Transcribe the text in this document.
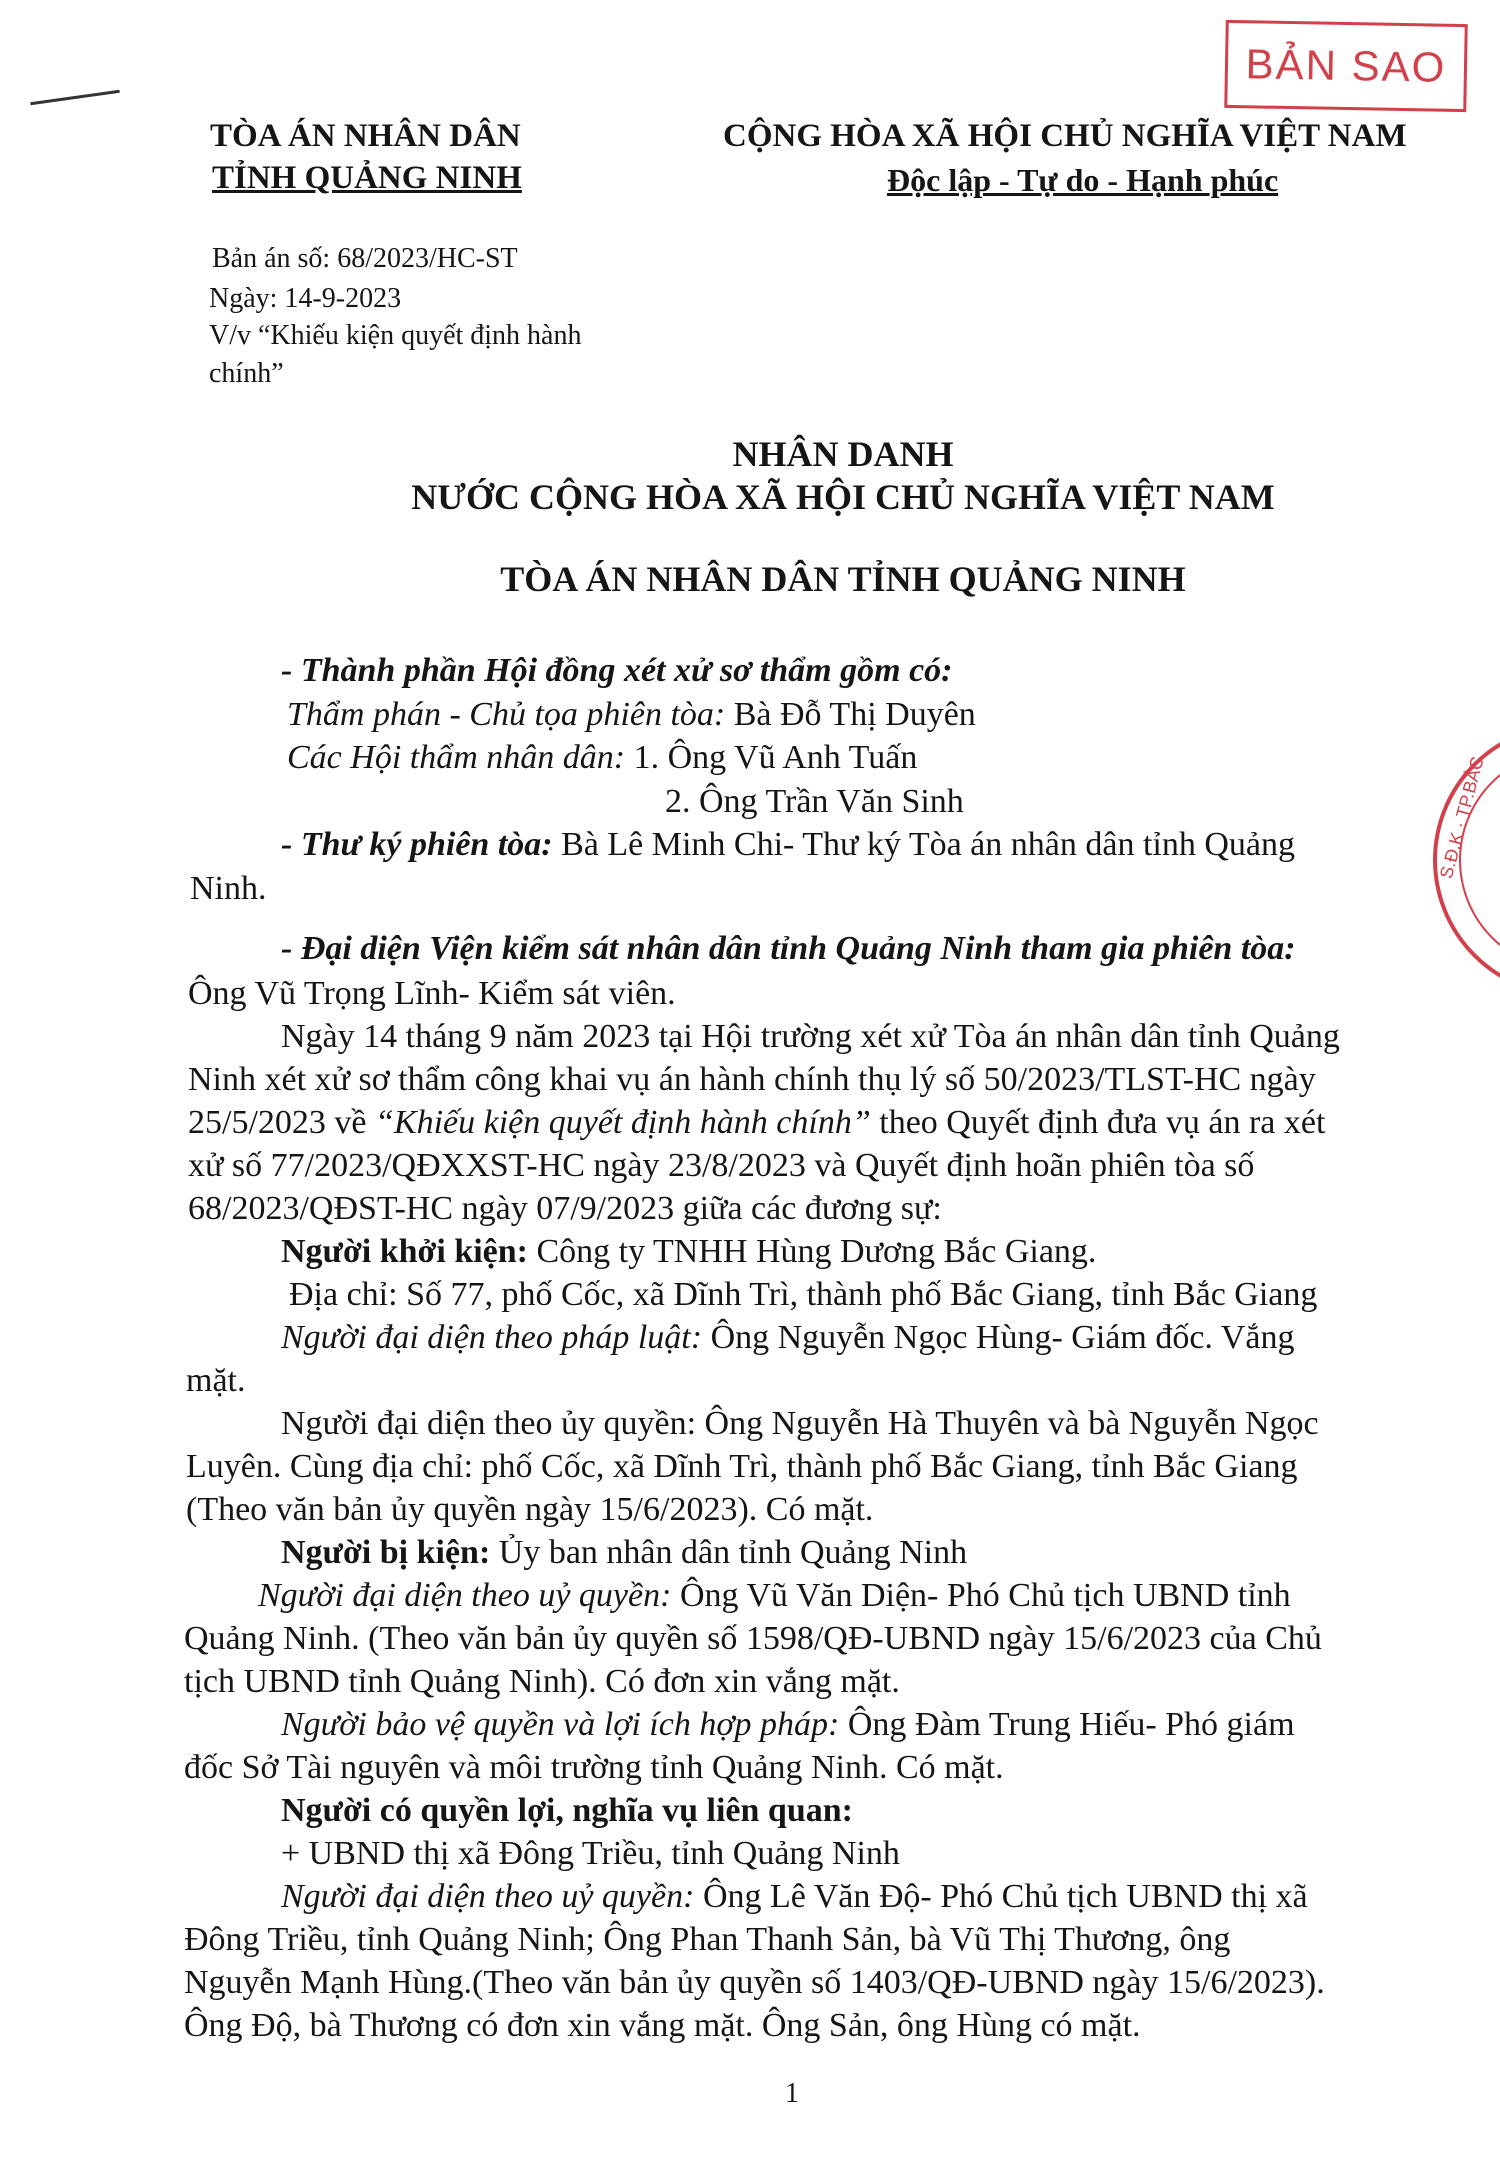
BẢN SAO
S.Đ.K · TP.BẮC
TÒA ÁN NHÂN DÂN
TỈNH QUẢNG NINH
CỘNG HÒA XÃ HỘI CHỦ NGHĨA VIỆT NAM
Độc lập - Tự do - Hạnh phúc
Bản án số: 68/2023/HC-ST
Ngày: 14-9-2023
V/v “Khiếu kiện quyết định hành
chính”
NHÂN DANH
NƯỚC CỘNG HÒA XÃ HỘI CHỦ NGHĨA VIỆT NAM
TÒA ÁN NHÂN DÂN TỈNH QUẢNG NINH
- Thành phần Hội đồng xét xử sơ thẩm gồm có:
Thẩm phán - Chủ tọa phiên tòa: Bà Đỗ Thị Duyên
Các Hội thẩm nhân dân: 1. Ông Vũ Anh Tuấn
2. Ông Trần Văn Sinh
- Thư ký phiên tòa: Bà Lê Minh Chi- Thư ký Tòa án nhân dân tỉnh Quảng
Ninh.
- Đại diện Viện kiểm sát nhân dân tỉnh Quảng Ninh tham gia phiên tòa:
Ông Vũ Trọng Lĩnh- Kiểm sát viên.
Ngày 14 tháng 9 năm 2023 tại Hội trường xét xử Tòa án nhân dân tỉnh Quảng
Ninh xét xử sơ thẩm công khai vụ án hành chính thụ lý số 50/2023/TLST-HC ngày
25/5/2023 về “Khiếu kiện quyết định hành chính” theo Quyết định đưa vụ án ra xét
xử số 77/2023/QĐXXST-HC ngày 23/8/2023 và Quyết định hoãn phiên tòa số
68/2023/QĐST-HC ngày 07/9/2023 giữa các đương sự:
Người khởi kiện: Công ty TNHH Hùng Dương Bắc Giang.
Địa chỉ: Số 77, phố Cốc, xã Dĩnh Trì, thành phố Bắc Giang, tỉnh Bắc Giang
Người đại diện theo pháp luật: Ông Nguyễn Ngọc Hùng- Giám đốc. Vắng
mặt.
Người đại diện theo ủy quyền: Ông Nguyễn Hà Thuyên và bà Nguyễn Ngọc
Luyên. Cùng địa chỉ: phố Cốc, xã Dĩnh Trì, thành phố Bắc Giang, tỉnh Bắc Giang
(Theo văn bản ủy quyền ngày 15/6/2023). Có mặt.
Người bị kiện: Ủy ban nhân dân tỉnh Quảng Ninh
Người đại diện theo uỷ quyền: Ông Vũ Văn Diện- Phó Chủ tịch UBND tỉnh
Quảng Ninh. (Theo văn bản ủy quyền số 1598/QĐ-UBND ngày 15/6/2023 của Chủ
tịch UBND tỉnh Quảng Ninh). Có đơn xin vắng mặt.
Người bảo vệ quyền và lợi ích hợp pháp: Ông Đàm Trung Hiếu- Phó giám
đốc Sở Tài nguyên và môi trường tỉnh Quảng Ninh. Có mặt.
Người có quyền lợi, nghĩa vụ liên quan:
+ UBND thị xã Đông Triều, tỉnh Quảng Ninh
Người đại diện theo uỷ quyền: Ông Lê Văn Độ- Phó Chủ tịch UBND thị xã
Đông Triều, tỉnh Quảng Ninh; Ông Phan Thanh Sản, bà Vũ Thị Thương, ông
Nguyễn Mạnh Hùng.(Theo văn bản ủy quyền số 1403/QĐ-UBND ngày 15/6/2023).
Ông Độ, bà Thương có đơn xin vắng mặt. Ông Sản, ông Hùng có mặt.
1
